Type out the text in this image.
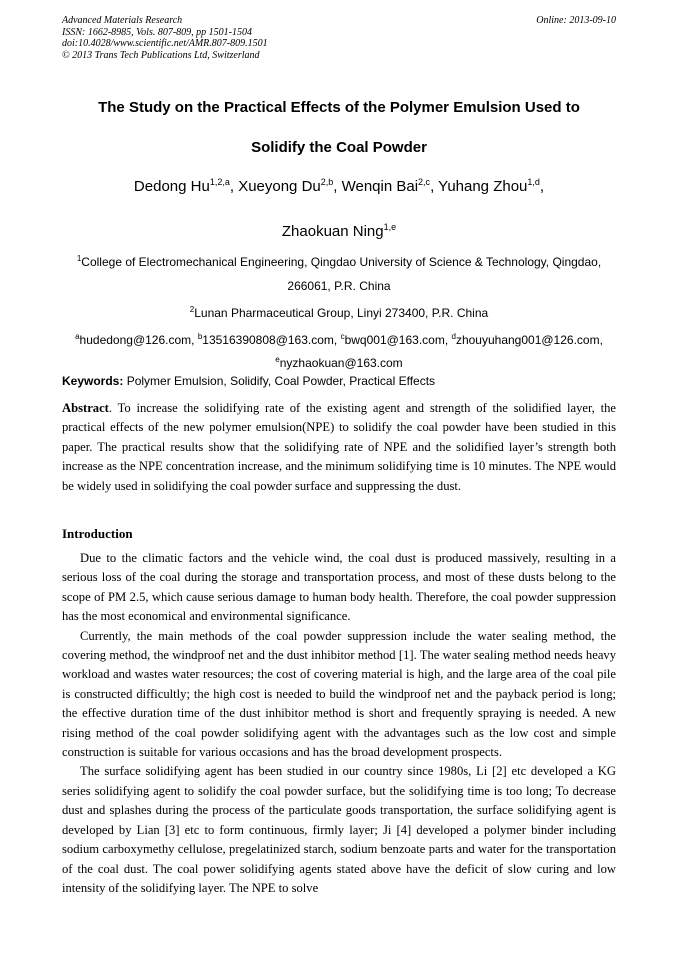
Advanced Materials Research
ISSN: 1662-8985, Vols. 807-809, pp 1501-1504
doi:10.4028/www.scientific.net/AMR.807-809.1501
© 2013 Trans Tech Publications Ltd, Switzerland
Online: 2013-09-10
The Study on the Practical Effects of the Polymer Emulsion Used to
Solidify the Coal Powder
Dedong Hu$^{1,2,a}$, Xueyong Du$^{2,b}$, Wenqin Bai$^{2,c}$, Yuhang Zhou$^{1,d}$,
Zhaokuan Ning$^{1,e}$
$^1$College of Electromechanical Engineering, Qingdao University of Science & Technology, Qingdao,
266061, P.R. China
$^2$Lunan Pharmaceutical Group, Linyi 273400, P.R. China
$^a$hudedong@126.com, $^b$13516390808@163.com, $^c$bwq001@163.com, $^d$zhouyuhang001@126.com,
$^e$nyzhaokuan@163.com
Keywords: Polymer Emulsion, Solidify, Coal Powder, Practical Effects
Abstract. To increase the solidifying rate of the existing agent and strength of the solidified layer, the practical effects of the new polymer emulsion(NPE) to solidify the coal powder have been studied in this paper. The practical results show that the solidifying rate of NPE and the solidified layer’s strength both increase as the NPE concentration increase, and the minimum solidifying time is 10 minutes. The NPE would be widely used in solidifying the coal powder surface and suppressing the dust.
Introduction

Due to the climatic factors and the vehicle wind, the coal dust is produced massively, resulting in a serious loss of the coal during the storage and transportation process, and most of these dusts belong to the scope of PM 2.5, which cause serious damage to human body health. Therefore, the coal powder suppression has the most economical and environmental significance.

Currently, the main methods of the coal powder suppression include the water sealing method, the covering method, the windproof net and the dust inhibitor method [1]. The water sealing method needs heavy workload and wastes water resources; the cost of covering material is high, and the large area of the coal pile is constructed difficultly; the high cost is needed to build the windproof net and the payback period is long; the effective duration time of the dust inhibitor method is short and frequently spraying is needed. A new rising method of the coal powder solidifying agent with the advantages such as the low cost and simple construction is suitable for various occasions and has the broad development prospects.

The surface solidifying agent has been studied in our country since 1980s, Li [2] etc developed a KG series solidifying agent to solidify the coal powder surface, but the solidifying time is too long; To decrease dust and splashes during the process of the particulate goods transportation, the surface solidifying agent is developed by Lian [3] etc to form continuous, firmly layer; Ji [4] developed a polymer binder including sodium carboxymethy cellulose, pregelatinized starch, sodium benzoate parts and water for the transportation of the coal dust. The coal power solidifying agents stated above have the deficit of slow curing and low intensity of the solidifying layer. The NPE to solve
